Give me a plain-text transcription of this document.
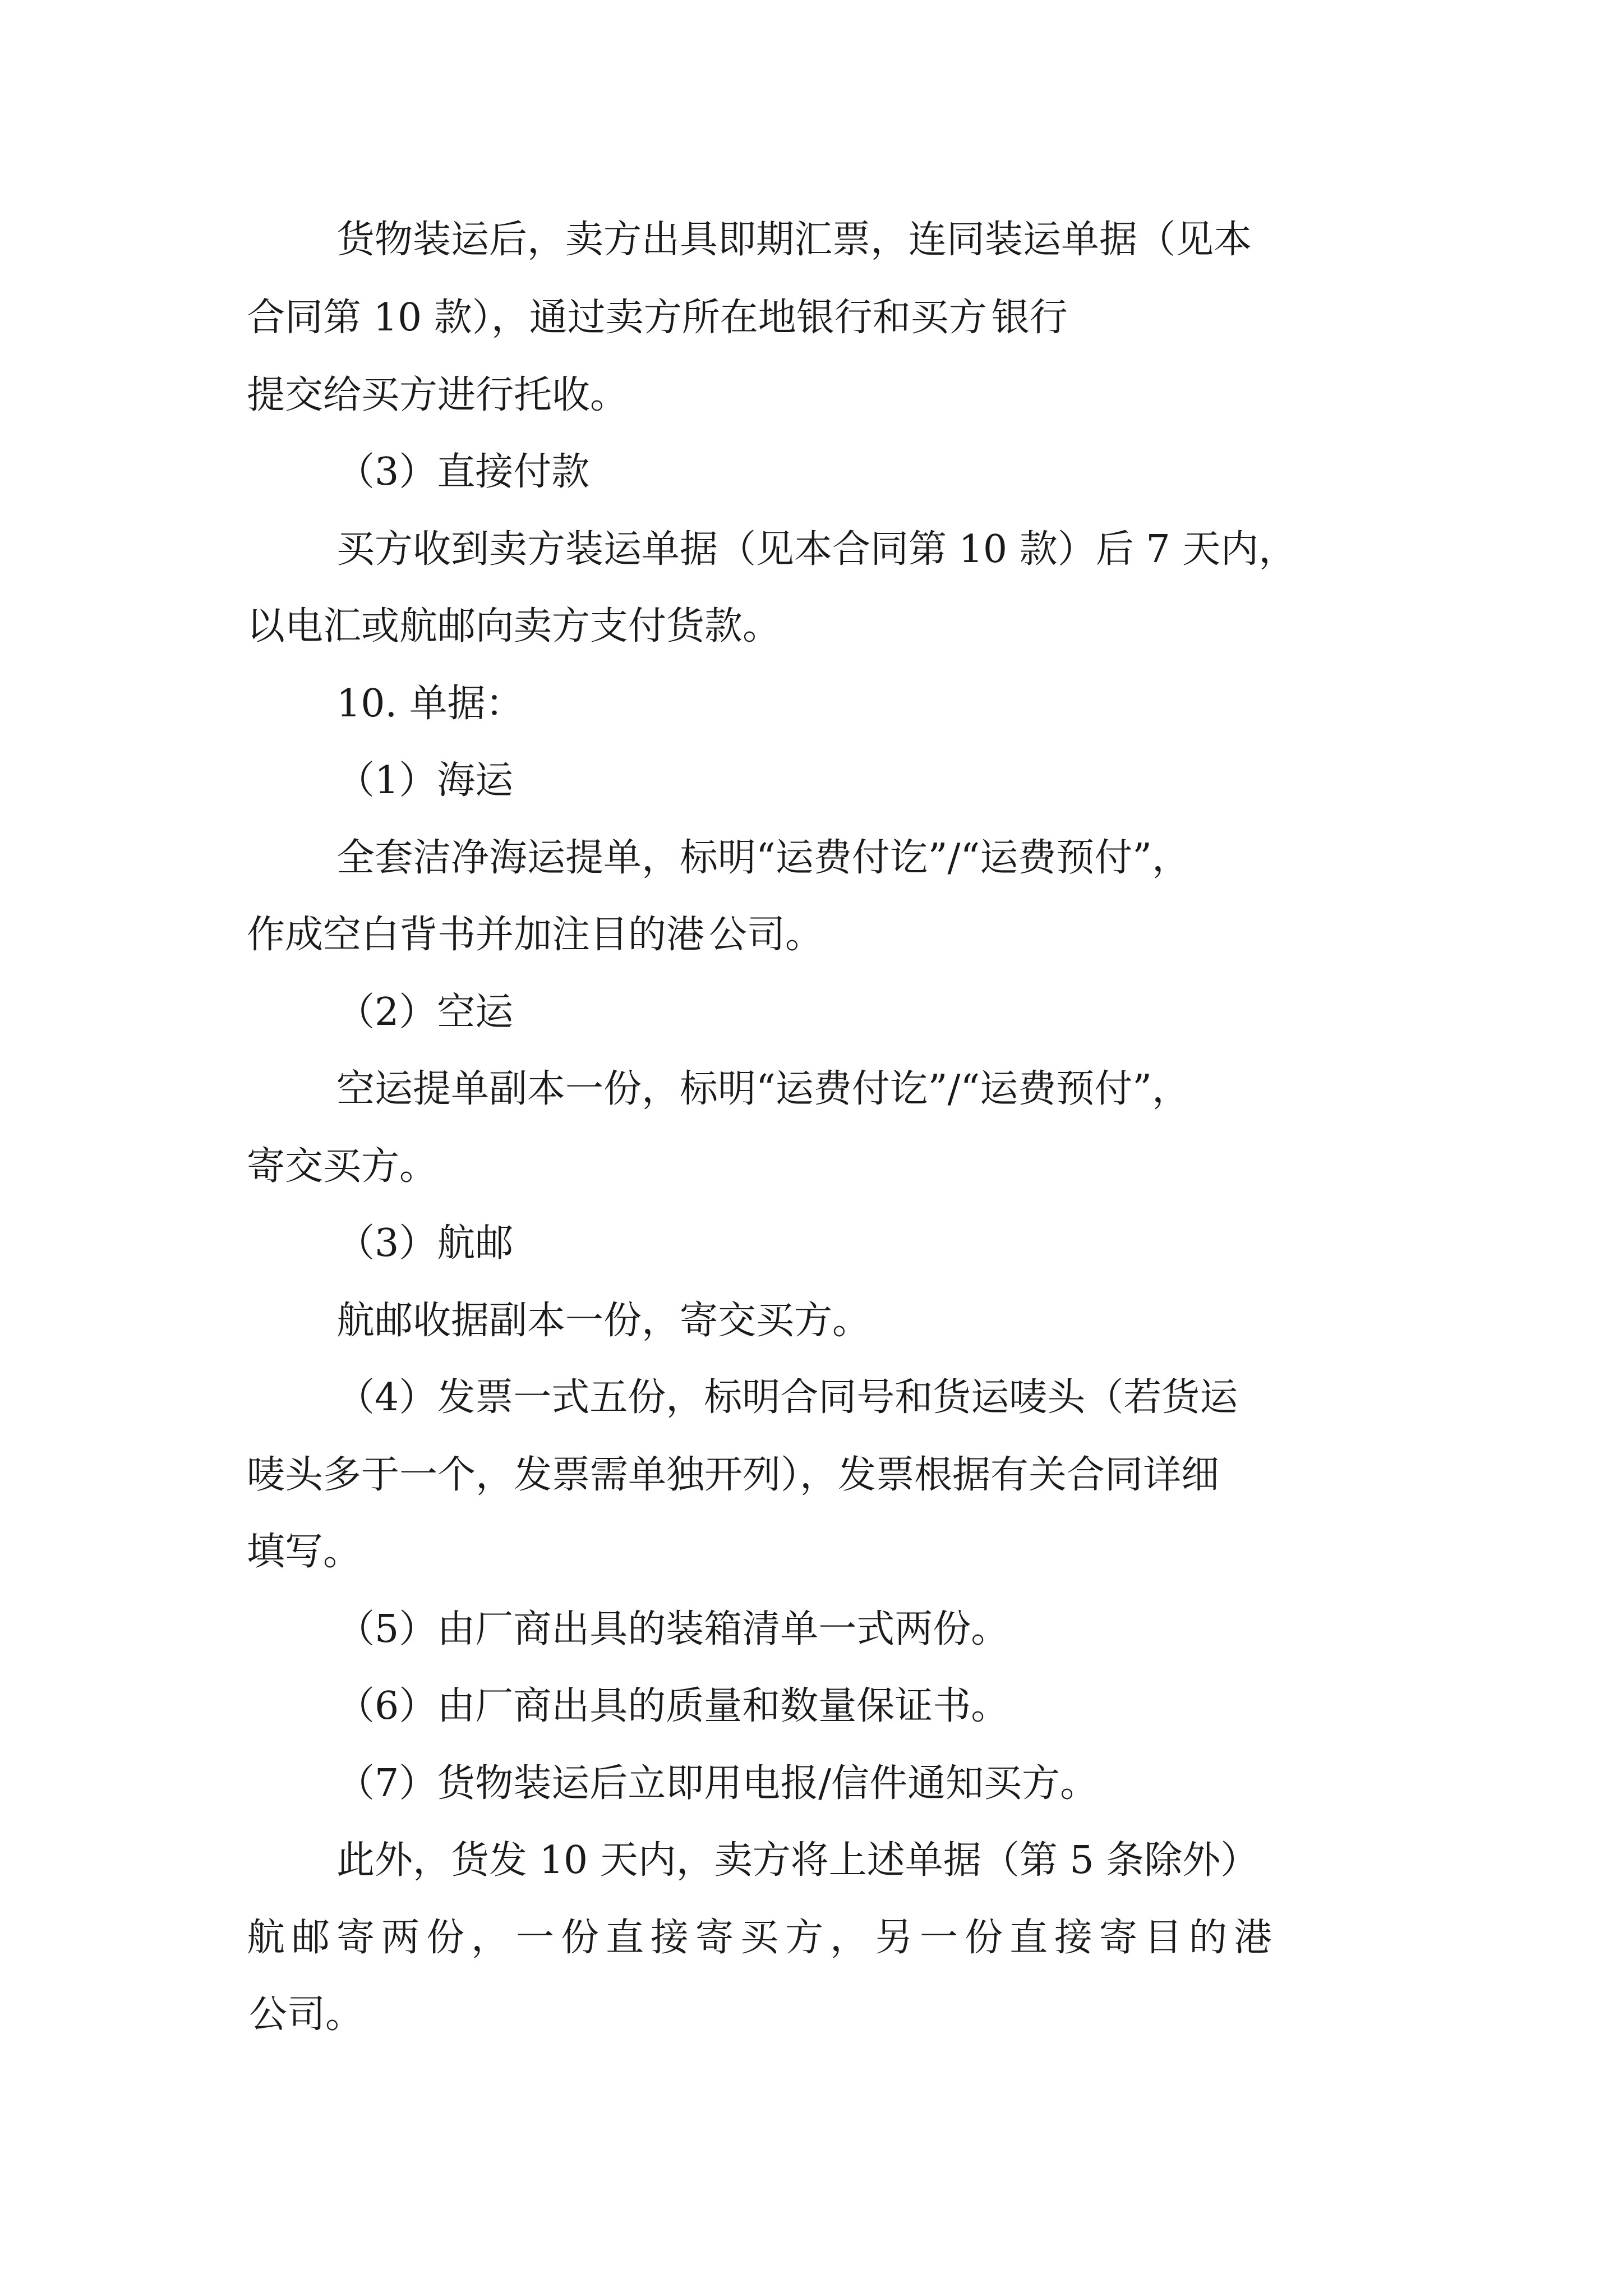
货物装运后，卖方出具即期汇票，连同装运单据（见本
合同第 10 款），通过卖方所在地银行和买方 银行
提交给买方进行托收。
（3）直接付款
买方收到卖方装运单据（见本合同第 10 款）后 7 天内，
以电汇或航邮向卖方支付货款。
10. 单据：
（1）海运
全套洁净海运提单，标明“运费付讫”/“运费预付”，
作成空白背书并加注目的港 公司。
（2）空运
空运提单副本一份，标明“运费付讫”/“运费预付”，
寄交买方。
（3）航邮
航邮收据副本一份，寄交买方。
（4）发票一式五份，标明合同号和货运唛头（若货运
唛头多于一个，发票需单独开列），发票根据有关合同详细
填写。
（5）由厂商出具的装箱清单一式两份。
（6）由厂商出具的质量和数量保证书。
（7）货物装运后立即用电报/信件通知买方。
此外，货发 10 天内，卖方将上述单据（第 5 条除外）
航邮寄两份，一份直接寄买方，另一份直接寄目的港
公司。
